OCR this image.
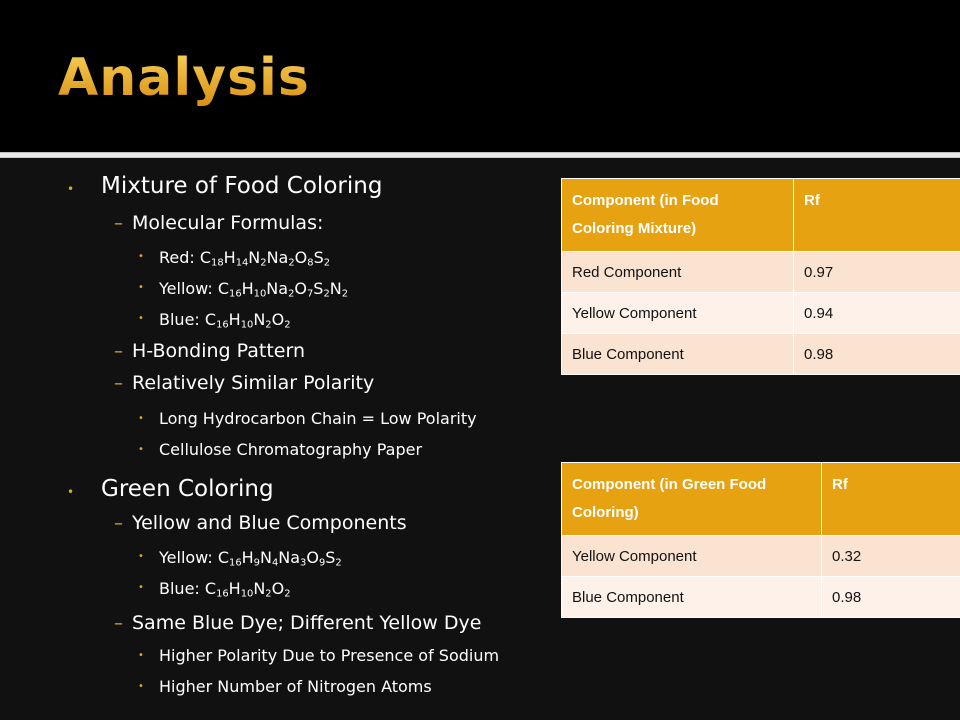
Analysis
• Mixture of Food Coloring
– Molecular Formulas:
• Red: $C_{18}H_{14}N_2Na_2O_8S_2$
• Yellow: $C_{16}H_{10}Na_2O_7S_2N_2$
• Blue: $C_{16}H_{10}N_2O_2$
– H-Bonding Pattern
– Relatively Similar Polarity
• Long Hydrocarbon Chain = Low Polarity
• Cellulose Chromatography Paper
• Green Coloring
– Yellow and Blue Components
• Yellow: $C_{16}H_9N_4Na_3O_9S_2$
• Blue: $C_{16}H_{10}N_2O_2$
– Same Blue Dye; Different Yellow Dye
• Higher Polarity Due to Presence of Sodium
• Higher Number of Nitrogen Atoms
Component (in Food Coloring Mixture)	Rf
Red Component	0.97
Yellow Component	0.94
Blue Component	0.98
Component (in Green Food Coloring)	Rf
Yellow Component	0.32
Blue Component	0.98
